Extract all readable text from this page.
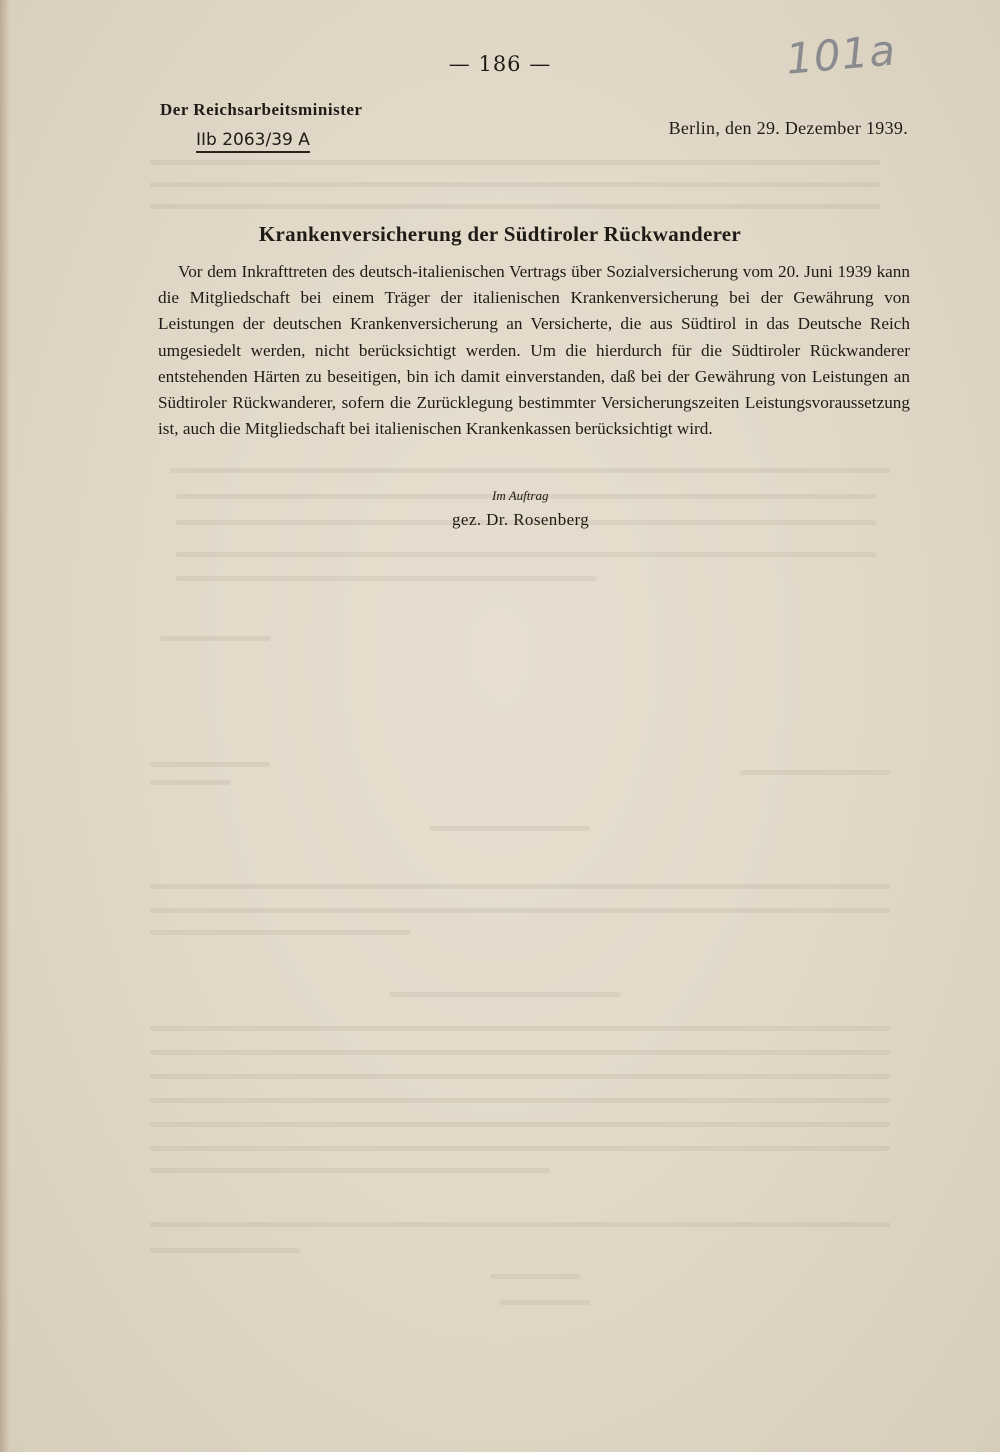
— 186 —	101a
Der Reichsarbeitsminister
IIb 2063/39 A
Berlin, den 29. Dezember 1939.
Krankenversicherung der Südtiroler Rückwanderer

Vor dem Inkrafttreten des deutsch-italienischen Vertrags über Sozialversicherung vom 20. Juni 1939 kann die Mitgliedschaft bei einem Träger der italienischen Krankenversicherung bei der Gewährung von Leistungen der deutschen Krankenversicherung an Versicherte, die aus Südtirol in das Deutsche Reich umgesiedelt werden, nicht berücksichtigt werden. Um die hierdurch für die Südtiroler Rückwanderer entstehenden Härten zu beseitigen, bin ich damit einverstanden, daß bei der Gewährung von Leistungen an Südtiroler Rückwanderer, sofern die Zurücklegung bestimmter Versicherungszeiten Leistungsvoraussetzung ist, auch die Mitgliedschaft bei italienischen Krankenkassen berücksichtigt wird.

Im Auftrag
gez. Dr. Rosenberg
